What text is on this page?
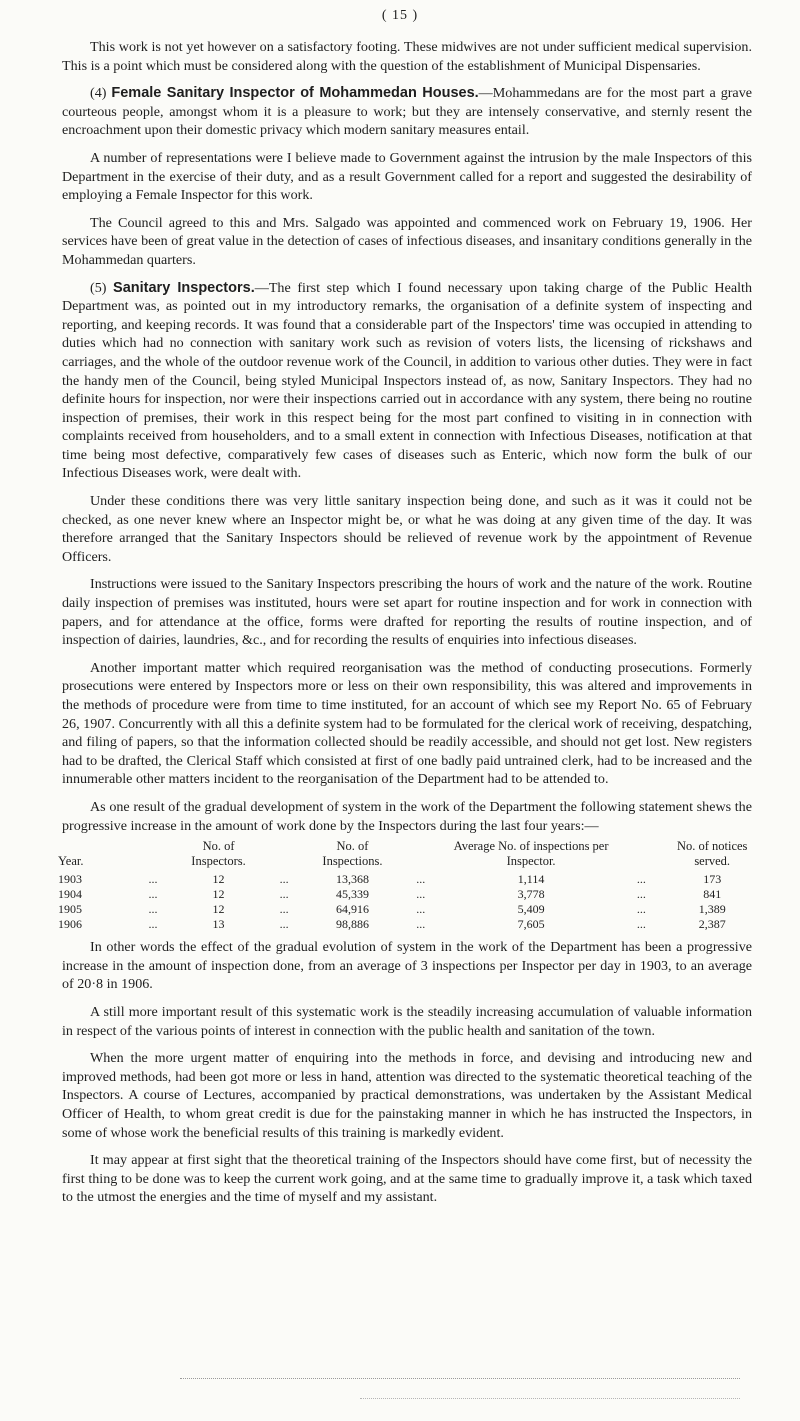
( 15 )

This work is not yet however on a satisfactory footing. These midwives are not under sufficient medical supervision. This is a point which must be considered along with the question of the establishment of Municipal Dispensaries.

(4) Female Sanitary Inspector of Mohammedan Houses.—Mohammedans are for the most part a grave courteous people, amongst whom it is a pleasure to work; but they are intensely conservative, and sternly resent the encroachment upon their domestic privacy which modern sanitary measures entail.

A number of representations were I believe made to Government against the intrusion by the male Inspectors of this Department in the exercise of their duty, and as a result Government called for a report and suggested the desirability of employing a Female Inspector for this work.

The Council agreed to this and Mrs. Salgado was appointed and commenced work on February 19, 1906. Her services have been of great value in the detection of cases of infectious diseases, and insanitary conditions generally in the Mohammedan quarters.

(5) Sanitary Inspectors.—The first step which I found necessary upon taking charge of the Public Health Department was, as pointed out in my introductory remarks, the organisation of a definite system of inspecting and reporting, and keeping records. It was found that a considerable part of the Inspectors' time was occupied in attending to duties which had no connection with sanitary work such as revision of voters lists, the licensing of rickshaws and carriages, and the whole of the outdoor revenue work of the Council, in addition to various other duties. They were in fact the handy men of the Council, being styled Municipal Inspectors instead of, as now, Sanitary Inspectors. They had no definite hours for inspection, nor were their inspections carried out in accordance with any system, there being no routine inspection of premises, their work in this respect being for the most part confined to visiting in in connection with complaints received from householders, and to a small extent in connection with Infectious Diseases, notification at that time being most defective, comparatively few cases of diseases such as Enteric, which now form the bulk of our Infectious Diseases work, were dealt with.

Under these conditions there was very little sanitary inspection being done, and such as it was it could not be checked, as one never knew where an Inspector might be, or what he was doing at any given time of the day. It was therefore arranged that the Sanitary Inspectors should be relieved of revenue work by the appointment of Revenue Officers.

Instructions were issued to the Sanitary Inspectors prescribing the hours of work and the nature of the work. Routine daily inspection of premises was instituted, hours were set apart for routine inspection and for work in connection with papers, and for attendance at the office, forms were drafted for reporting the results of routine inspection, and of inspection of dairies, laundries, &c., and for recording the results of enquiries into infectious diseases.

Another important matter which required reorganisation was the method of conducting prosecutions. Formerly prosecutions were entered by Inspectors more or less on their own responsibility, this was altered and improvements in the methods of procedure were from time to time instituted, for an account of which see my Report No. 65 of February 26, 1907. Concurrently with all this a definite system had to be formulated for the clerical work of receiving, despatching, and filing of papers, so that the information collected should be readily accessible, and should not get lost. New registers had to be drafted, the Clerical Staff which consisted at first of one badly paid untrained clerk, had to be increased and the innumerable other matters incident to the reorganisation of the Department had to be attended to.

As one result of the gradual development of system in the work of the Department the following statement shews the progressive increase in the amount of work done by the Inspectors during the last four years:—

Year.		No. of Inspectors.		No. of Inspections.		Average No. of inspections per Inspector.		No. of notices served.
1903	...	12	...	13,368	...	1,114	...	173
1904	...	12	...	45,339	...	3,778	...	841
1905	...	12	...	64,916	...	5,409	...	1,389
1906	...	13	...	98,886	...	7,605	...	2,387

In other words the effect of the gradual evolution of system in the work of the Department has been a progressive increase in the amount of inspection done, from an average of 3 inspections per Inspector per day in 1903, to an average of 20·8 in 1906.

A still more important result of this systematic work is the steadily increasing accumulation of valuable information in respect of the various points of interest in connection with the public health and sanitation of the town.

When the more urgent matter of enquiring into the methods in force, and devising and introducing new and improved methods, had been got more or less in hand, attention was directed to the systematic theoretical teaching of the Inspectors. A course of Lectures, accompanied by practical demonstrations, was undertaken by the Assistant Medical Officer of Health, to whom great credit is due for the painstaking manner in which he has instructed the Inspectors, in some of whose work the beneficial results of this training is markedly evident.

It may appear at first sight that the theoretical training of the Inspectors should have come first, but of necessity the first thing to be done was to keep the current work going, and at the same time to gradually improve it, a task which taxed to the utmost the energies and the time of myself and my assistant.
